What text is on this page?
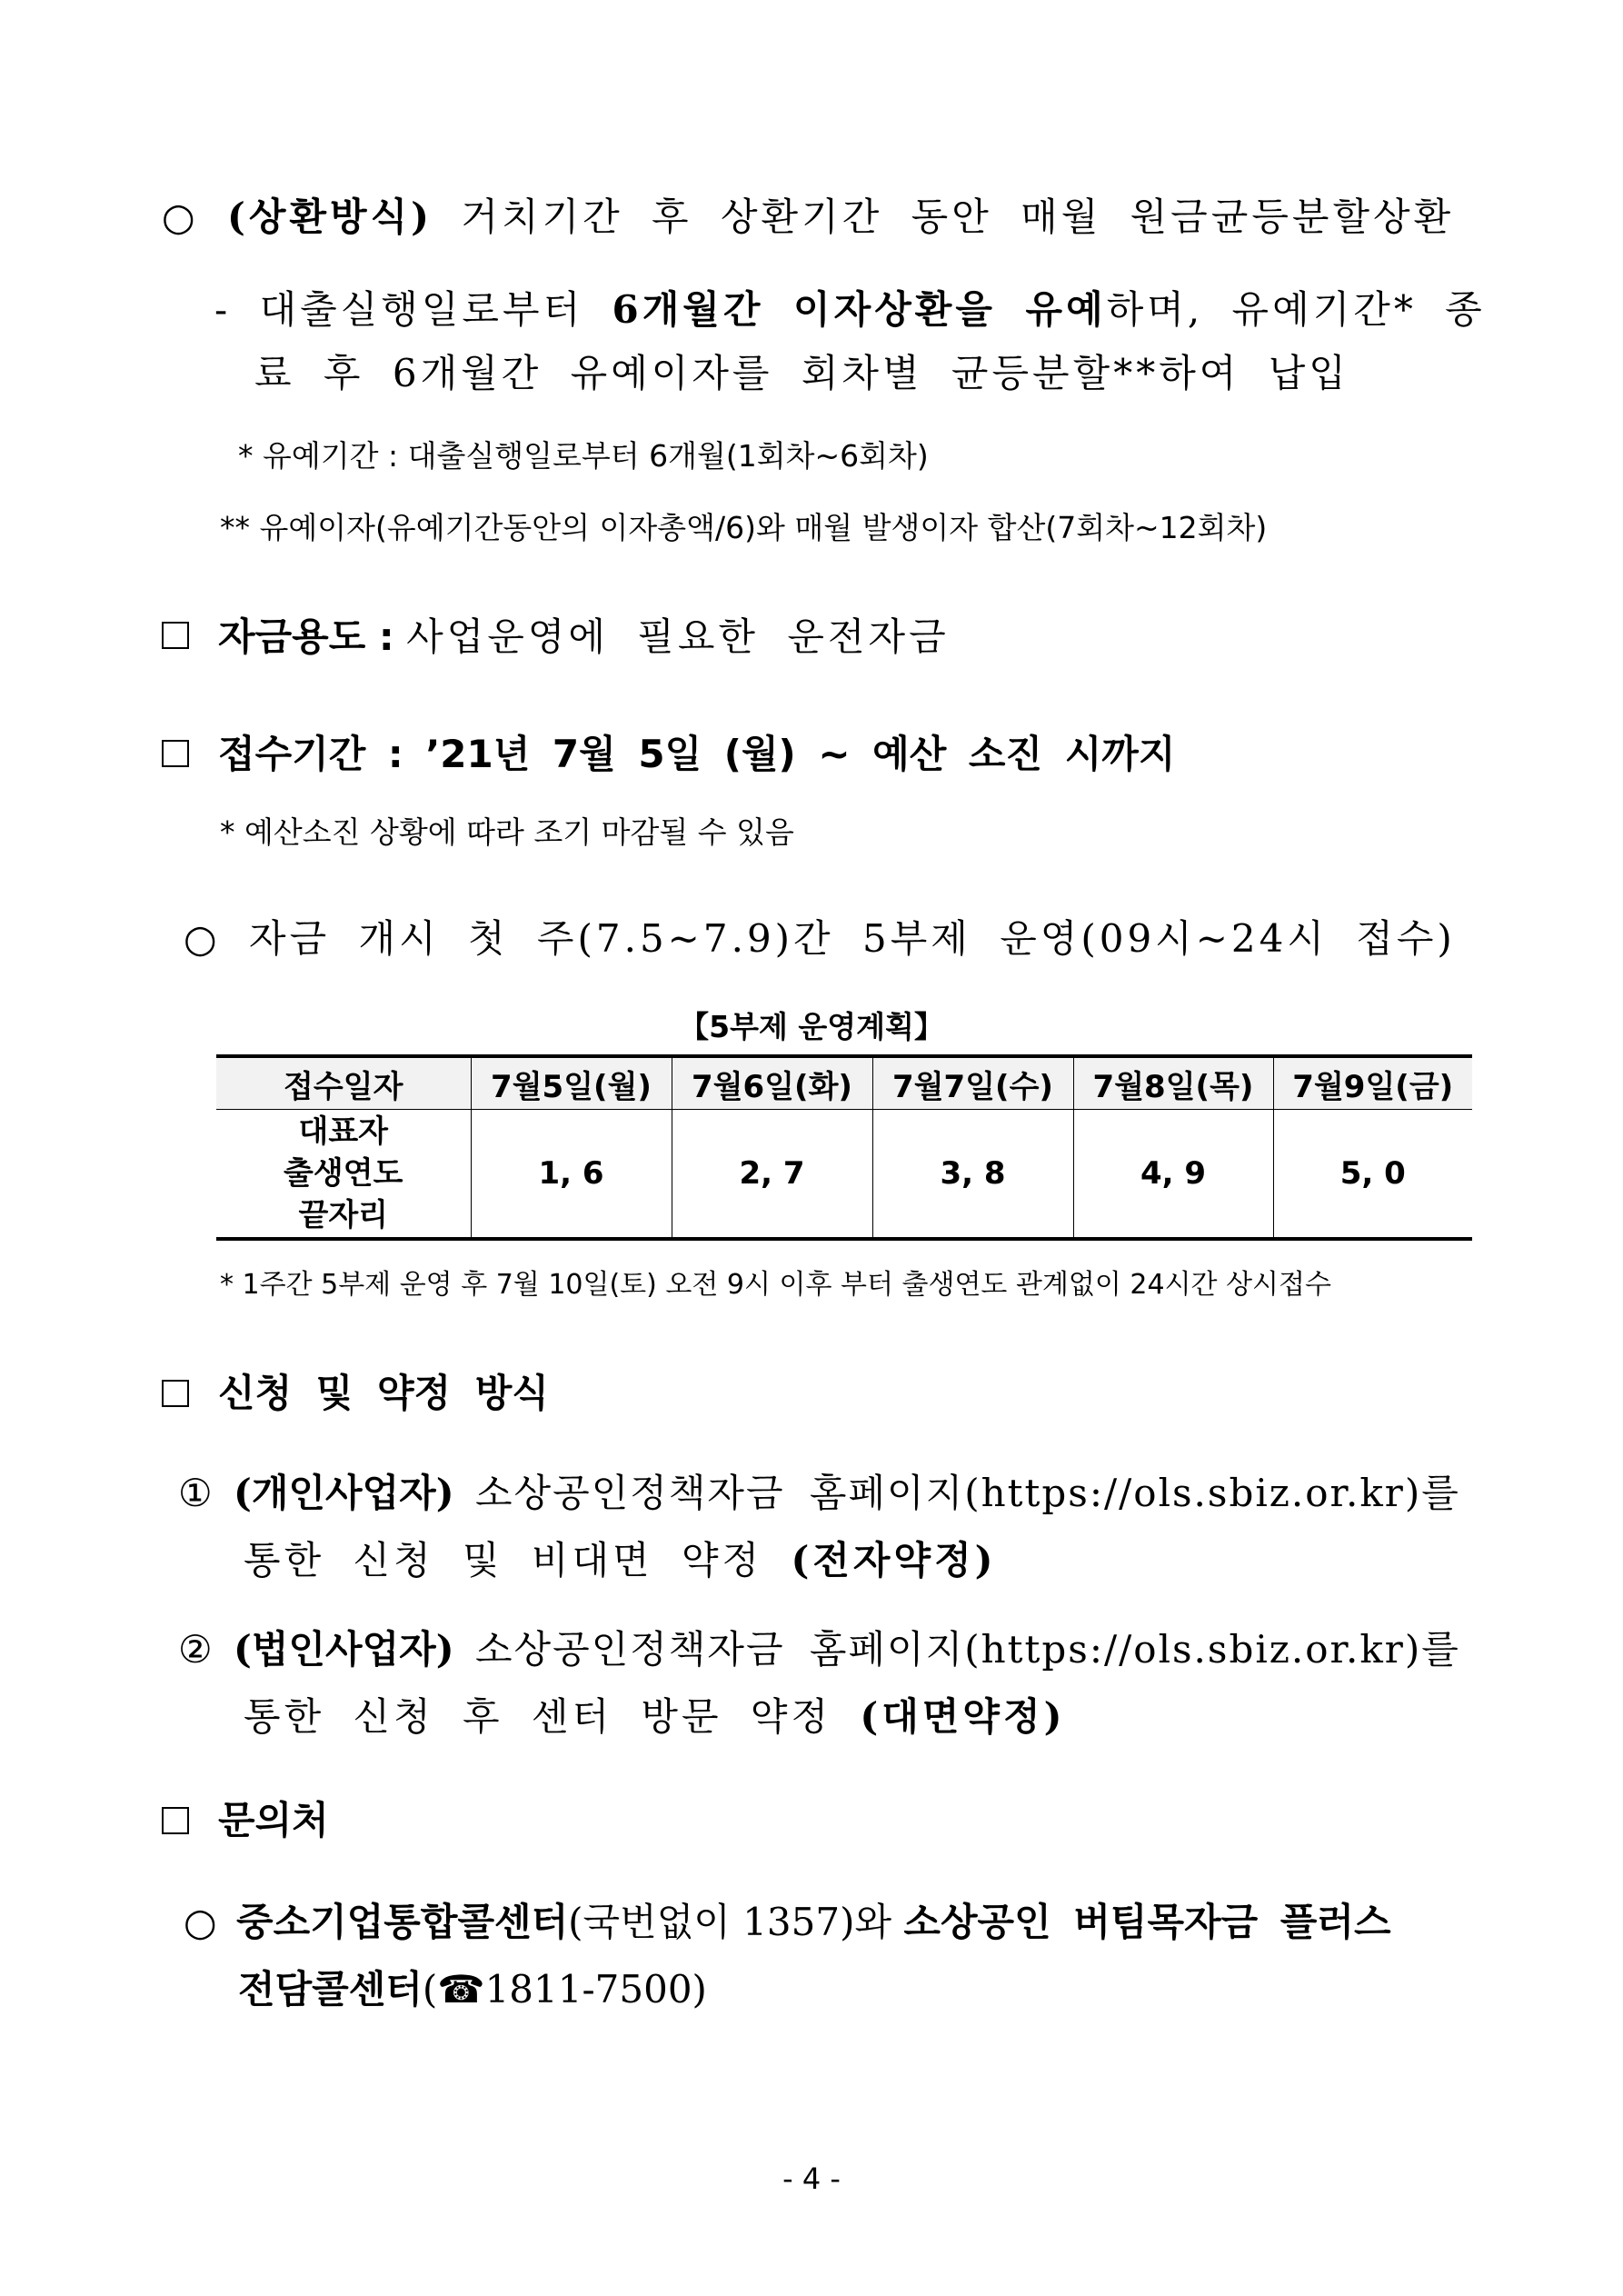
○ (상환방식) 거치기간 후 상환기간 동안 매월 원금균등분할상환
- 대출실행일로부터 6개월간 이자상환을 유예하며, 유예기간* 종
료 후 6개월간 유예이자를 회차별 균등분할**하여 납입
* 유예기간 : 대출실행일로부터 6개월(1회차~6회차)
** 유예이자(유예기간동안의 이자총액/6)와 매월 발생이자 합산(7회차~12회차)
자금용도 : 사업운영에 필요한 운전자금
접수기간 : ’21년 7월 5일 (월) ~ 예산 소진 시까지
* 예산소진 상황에 따라 조기 마감될 수 있음
○ 자금 개시 첫 주(7.5~7.9)간 5부제 운영(09시~24시 접수)
【5부제 운영계획】
접수일자	7월5일(월)	7월6일(화)	7월7일(수)	7월8일(목)	7월9일(금)

대표자
출생연도
끝자리	1, 6	2, 7	3, 8	4, 9	5, 0
* 1주간 5부제 운영 후 7월 10일(토) 오전 9시 이후 부터 출생연도 관계없이 24시간 상시접수
신청 및 약정 방식
① (개인사업자) 소상공인정책자금 홈페이지(https://ols.sbiz.or.kr)를
통한 신청 및 비대면 약정 (전자약정)
② (법인사업자) 소상공인정책자금 홈페이지(https://ols.sbiz.or.kr)를
통한 신청 후 센터 방문 약정 (대면약정)
문의처
○ 중소기업통합콜센터(국번없이 1357)와 소상공인 버팀목자금 플러스
전담콜센터(☎1811-7500)
- 4 -
